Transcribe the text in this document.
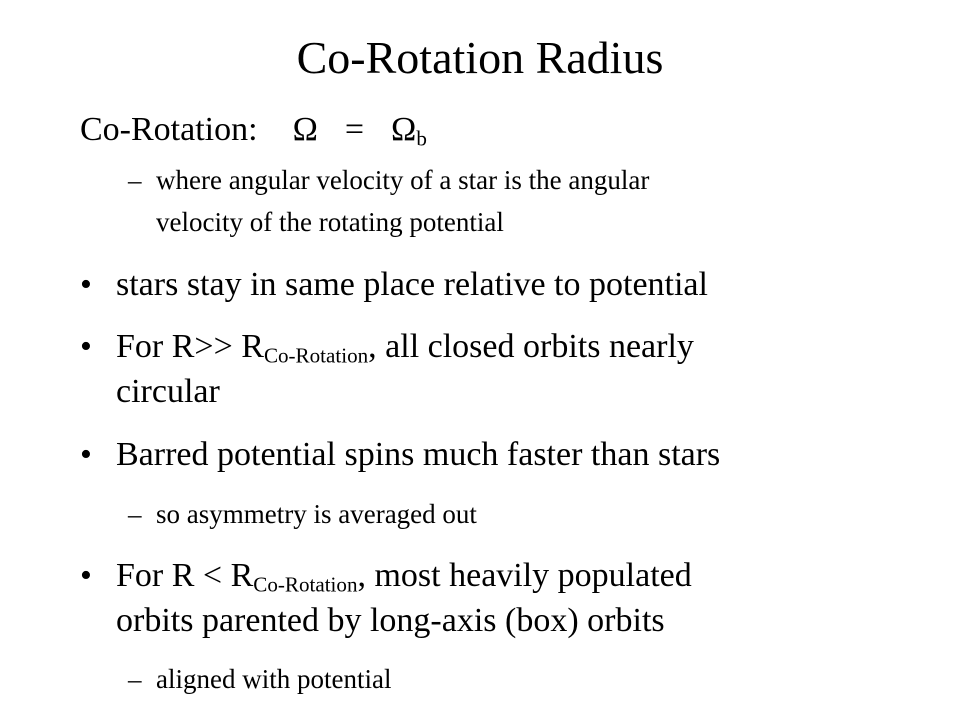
Co-Rotation Radius
Co-Rotation: $\Omega = \Omega_b$
– where angular velocity of a star is the angular
velocity of the rotating potential
• stars stay in same place relative to potential
• For $R>> R_{Co-Rotation}$, all closed orbits nearly
circular
• Barred potential spins much faster than stars
– so asymmetry is averaged out
• For $R < R_{Co-Rotation}$, most heavily populated
orbits parented by long-axis (box) orbits
– aligned with potential
